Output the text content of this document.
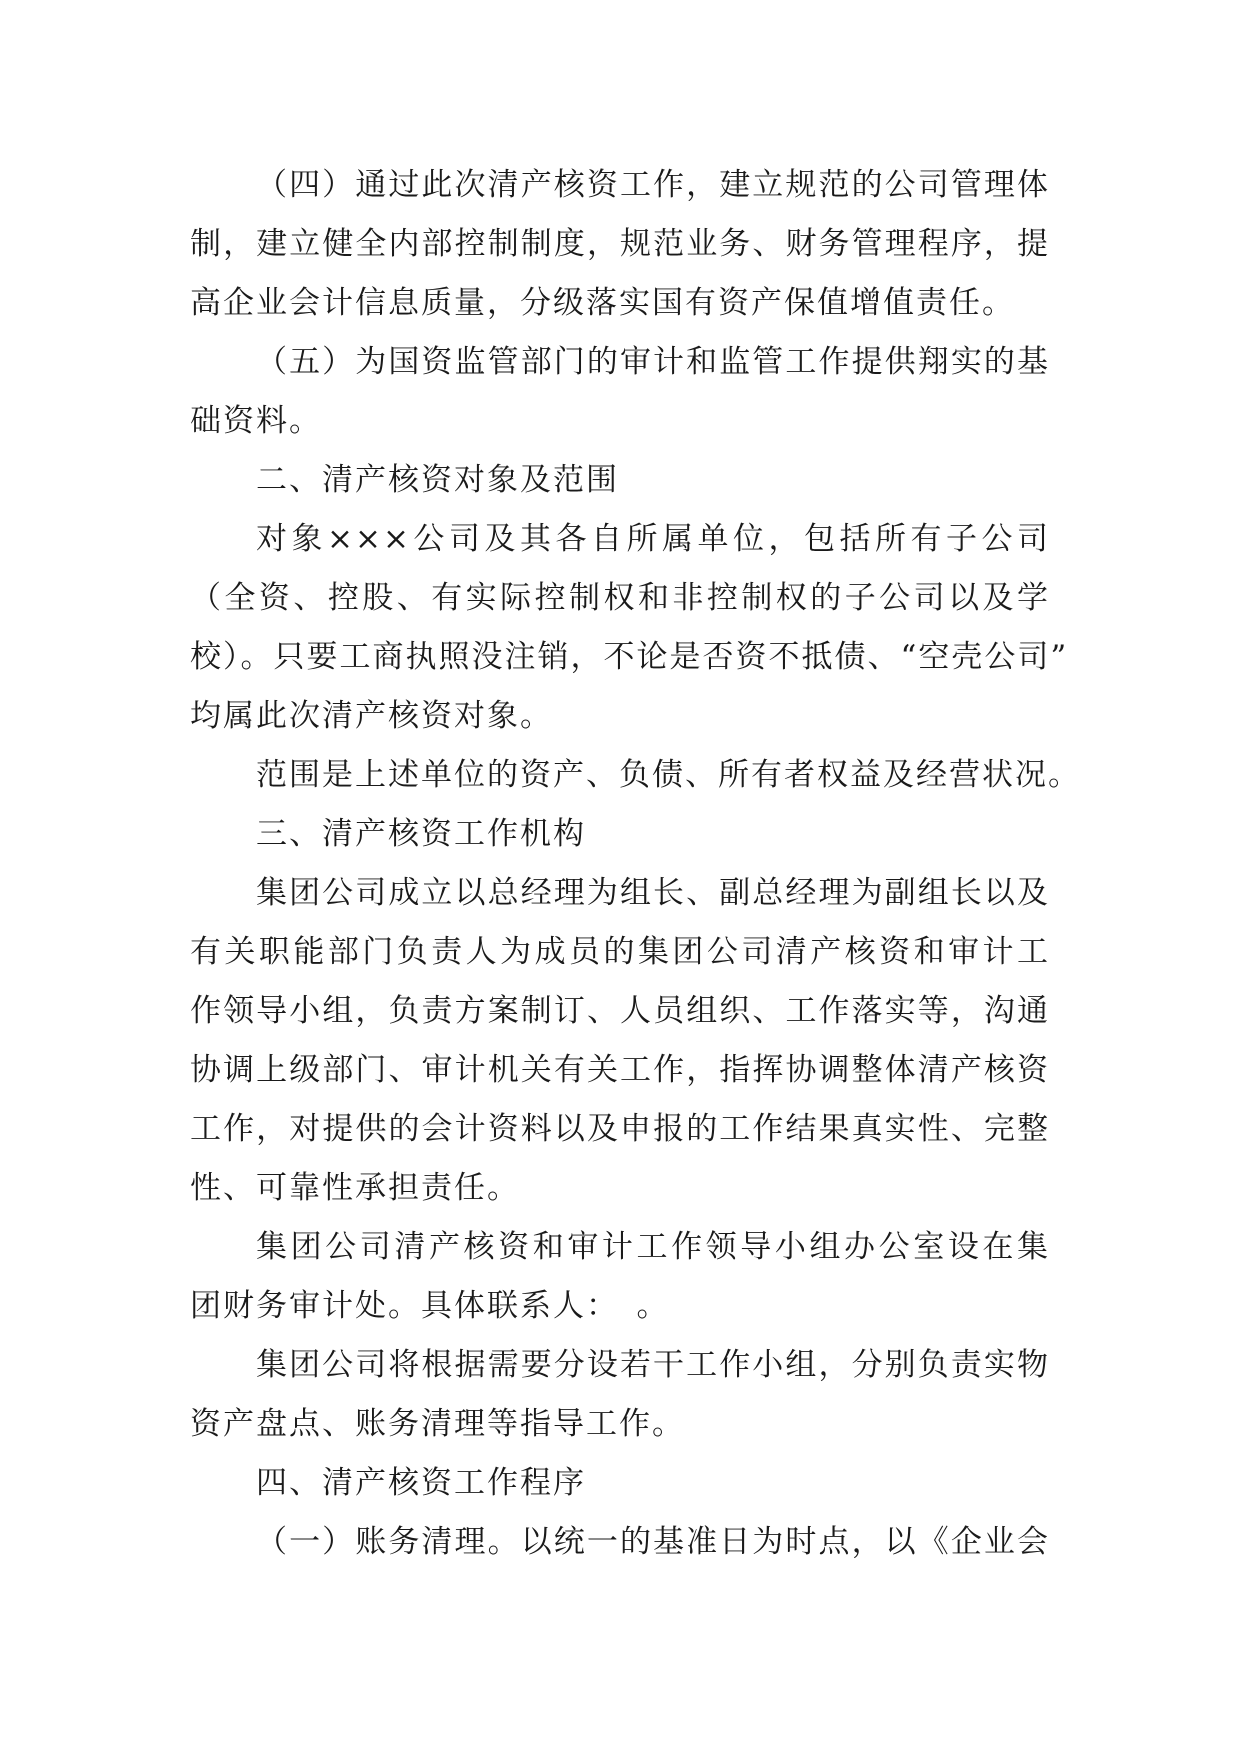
（四）通过此次清产核资工作，建立规范的公司管理体
制，建立健全内部控制制度，规范业务、财务管理程序，提
高企业会计信息质量，分级落实国有资产保值增值责任。
（五）为国资监管部门的审计和监管工作提供翔实的基
础资料。
二、清产核资对象及范围
对象×××公司及其各自所属单位，包括所有子公司
（全资、控股、有实际控制权和非控制权的子公司以及学
校）。只要工商执照没注销，不论是否资不抵债、“空壳公司”
均属此次清产核资对象。
范围是上述单位的资产、负债、所有者权益及经营状况。
三、清产核资工作机构
集团公司成立以总经理为组长、副总经理为副组长以及
有关职能部门负责人为成员的集团公司清产核资和审计工
作领导小组，负责方案制订、人员组织、工作落实等，沟通
协调上级部门、审计机关有关工作，指挥协调整体清产核资
工作，对提供的会计资料以及申报的工作结果真实性、完整
性、可靠性承担责任。
集团公司清产核资和审计工作领导小组办公室设在集
团财务审计处。具体联系人：　。
集团公司将根据需要分设若干工作小组，分别负责实物
资产盘点、账务清理等指导工作。
四、清产核资工作程序
（一）账务清理。以统一的基准日为时点，以《企业会
